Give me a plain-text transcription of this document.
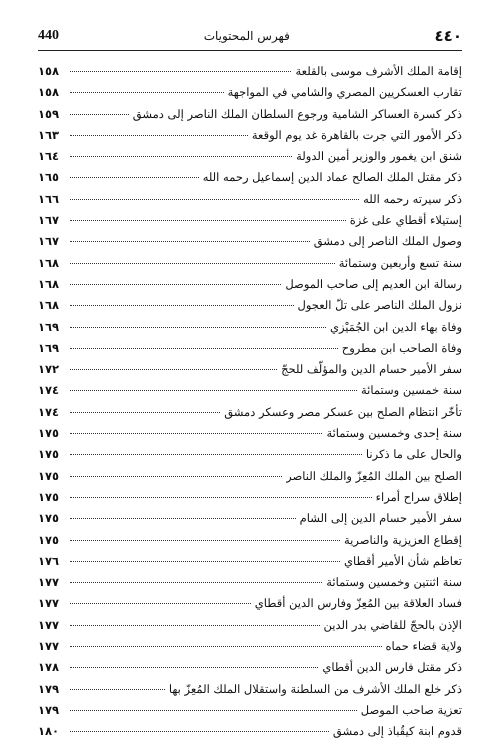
440	فهرس المحتويات	٤٤٠
إقامة الملك الأشرف موسى بالقلعة
١٥٨
تقارب العسكريين المصري والشامي في المواجهة
١٥٨
ذكر كسرة العساكر الشامية ورجوع السلطان الملك الناصر إلى دمشق
١٥٩
ذكر الأمور التي جرت بالقاهرة غد يوم الوقعة
١٦٣
شنق ابن يغمور والوزير أمين الدولة
١٦٤
ذكر مقتل الملك الصالح عماد الدين إسماعيل رحمه الله
١٦٥
ذكر سيرته رحمه الله
١٦٦
إستيلاء أقطاي على غزة
١٦٧
وصول الملك الناصر إلى دمشق
١٦٧
سنة تسع وأربعين وستمائة
١٦٨
رسالة ابن العديم إلى صاحب الموصل
١٦٨
نزول الملك الناصر على تلّ العجول
١٦٨
وفاة بهاء الدين ابن الجُمَيْزي
١٦٩
وفاة الصاحب ابن مطروح
١٦٩
سفر الأمير حسام الدين والمؤلّف للحجّ
١٧٢
سنة خمسين وستمائة
١٧٤
تأخّر انتظام الصلح بين عسكر مصر وعسكر دمشق
١٧٤
سنة إحدى وخمسين وستمائة
١٧٥
والحال على ما ذكرنا
١٧٥
الصلح بين الملك المُعِزّ والملك الناصر
١٧٥
إطلاق سراح أمراء
١٧٥
سفر الأمير حسام الدين إلى الشام
١٧٥
إقطاع العزيزية والناصرية
١٧٥
تعاظم شأن الأمير أقطاي
١٧٦
سنة اثنتين وخمسين وستمائة
١٧٧
فساد العلاقة بين المُعِزّ وفارس الدين أقطاي
١٧٧
الإذن بالحجّ للقاضي بدر الدين
١٧٧
ولاية قضاء حماه
١٧٧
ذكر مقتل فارس الدين أقطاي
١٧٨
ذكر خلع الملك الأشرف من السلطنة واستقلال الملك المُعِزّ بها
١٧٩
تعزية صاحب الموصل
١٧٩
قدوم ابنة كيقُباذ إلى دمشق
١٨٠
